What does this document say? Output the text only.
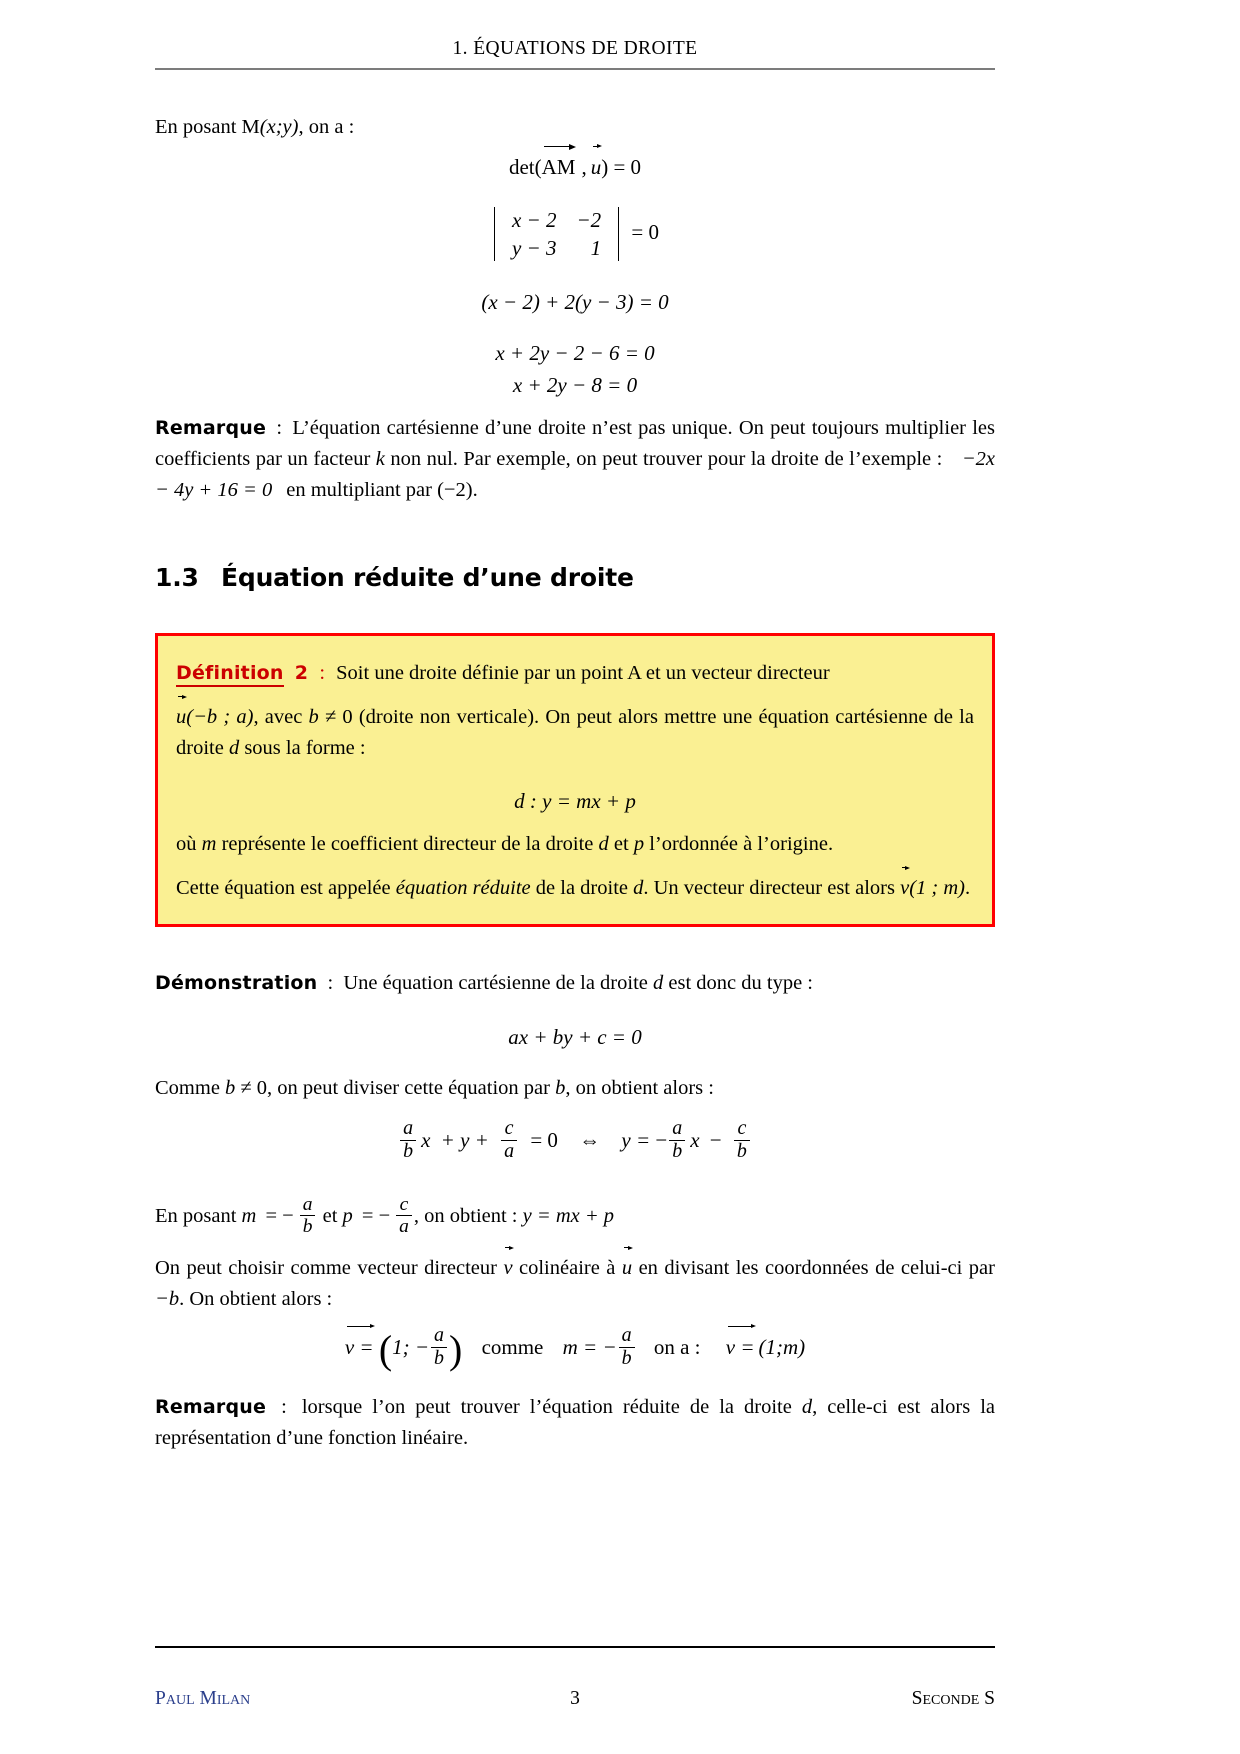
1. ÉQUATIONS DE DROITE
En posant M(x;y), on a :
det(
AM , u) = 0
x − 2	−2
y − 3	1
= 0
(x − 2) + 2(y − 3) = 0
x + 2y − 2 − 6 = 0
x + 2y − 8 = 0
Remarque : L’équation cartésienne d’une droite n’est pas unique. On peut toujours multiplier les coefficients par un facteur k non nul. Par exemple, on peut trouver pour la droite de l’exemple : −2x − 4y + 16 = 0 en multipliant par (−2).
1.3 Équation réduite d’une droite
Définition 2 : Soit une droite définie par un point A et un vecteur directeur
u(−b ; a), avec b ≠ 0 (droite non verticale). On peut alors mettre une équation cartésienne de la droite d sous la forme :
d : y = mx + p
où m représente le coefficient directeur de la droite d et p l’ordonnée à l’origine.
Cette équation est appelée équation réduite de la droite d. Un vecteur directeur est alors
v(1 ; m).
Démonstration : Une équation cartésienne de la droite d est donc du type :
ax + by + c = 0
Comme b ≠ 0, on peut diviser cette équation par b, on obtient alors :
$\frac{a}{b}$ $x + y + \frac{c}{a} = 0$ ⇔ y = − $\frac{a}{b}$ $x - \frac{c}{b}$
En posant m = − $\frac{a}{b}$ et p = − $\frac{c}{a}$ , on obtient : y = mx + p
On peut choisir comme vecteur directeur
v colinéaire à
u en divisant les coordonnées de celui-ci par −b. On obtient alors :
v = (1; − $\frac{a}{b}$ ) comme m = − $\frac{a}{b}$ on a : v = (1;m)
Remarque : lorsque l’on peut trouver l’équation réduite de la droite d, celle-ci est alors la représentation d’une fonction linéaire.
Paul Milan	3	Seconde S
